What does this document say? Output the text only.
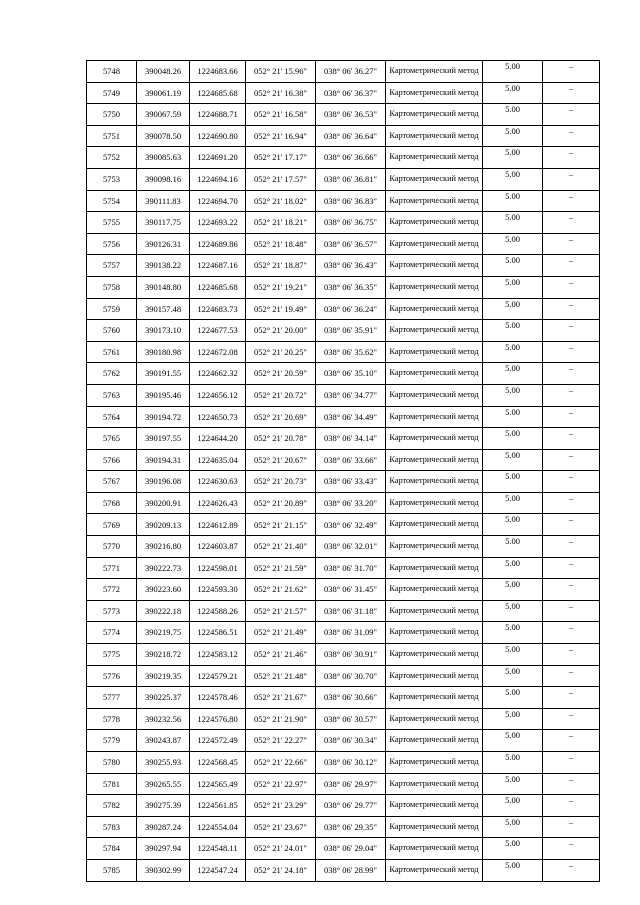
5748	390048.26	1224683.66	052° 21' 15.96"	038° 06' 36.27"	Картометрический метод	5.00	–
5749	390061.19	1224685.68	052° 21' 16.38"	038° 06' 36.37"	Картометрический метод	5.00	–
5750	390067.59	1224688.71	052° 21' 16.58"	038° 06' 36.53"	Картометрический метод	5.00	–
5751	390078.50	1224690.80	052° 21' 16.94"	038° 06' 36.64"	Картометрический метод	5.00	–
5752	390085.63	1224691.20	052° 21' 17.17"	038° 06' 36.66"	Картометрический метод	5.00	–
5753	390098.16	1224694.16	052° 21' 17.57"	038° 06' 36.81"	Картометрический метод	5.00	–
5754	390111.83	1224694.70	052° 21' 18.02"	038° 06' 36.83"	Картометрический метод	5.00	–
5755	390117.75	1224693.22	052° 21' 18.21"	038° 06' 36.75"	Картометрический метод	5.00	–
5756	390126.31	1224689.86	052° 21' 18.48"	038° 06' 36.57"	Картометрический метод	5.00	–
5757	390138.22	1224687.16	052° 21' 18.87"	038° 06' 36.43"	Картометрический метод	5.00	–
5758	390148.80	1224685.68	052° 21' 19.21"	038° 06' 36.35"	Картометрический метод	5.00	–
5759	390157.48	1224683.73	052° 21' 19.49"	038° 06' 36.24"	Картометрический метод	5.00	–
5760	390173.10	1224677.53	052° 21' 20.00"	038° 06' 35.91"	Картометрический метод	5.00	–
5761	390180.98	1224672.08	052° 21' 20.25"	038° 06' 35.62"	Картометрический метод	5.00	–
5762	390191.55	1224662.32	052° 21' 20.59"	038° 06' 35.10"	Картометрический метод	5.00	–
5763	390195.46	1224656.12	052° 21' 20.72"	038° 06' 34.77"	Картометрический метод	5.00	–
5764	390194.72	1224650.73	052° 21' 20.69"	038° 06' 34.49"	Картометрический метод	5.00	–
5765	390197.55	1224644.20	052° 21' 20.78"	038° 06' 34.14"	Картометрический метод	5.00	–
5766	390194.31	1224635.04	052° 21' 20.67"	038° 06' 33.66"	Картометрический метод	5.00	–
5767	390196.08	1224630.63	052° 21' 20.73"	038° 06' 33.43"	Картометрический метод	5.00	–
5768	390200.91	1224626.43	052° 21' 20.89"	038° 06' 33.20"	Картометрический метод	5.00	–
5769	390209.13	1224612.89	052° 21' 21.15"	038° 06' 32.49"	Картометрический метод	5.00	–
5770	390216.80	1224603.87	052° 21' 21.40"	038° 06' 32.01"	Картометрический метод	5.00	–
5771	390222.73	1224598.01	052° 21' 21.59"	038° 06' 31.70"	Картометрический метод	5.00	–
5772	390223.60	1224593.30	052° 21' 21.62"	038° 06' 31.45"	Картометрический метод	5.00	–
5773	390222.18	1224588.26	052° 21' 21.57"	038° 06' 31.18"	Картометрический метод	5.00	–
5774	390219.75	1224586.51	052° 21' 21.49"	038° 06' 31.09"	Картометрический метод	5.00	–
5775	390218.72	1224583.12	052° 21' 21.46"	038° 06' 30.91"	Картометрический метод	5.00	–
5776	390219.35	1224579.21	052° 21' 21.48"	038° 06' 30.70"	Картометрический метод	5.00	–
5777	390225.37	1224578.46	052° 21' 21.67"	038° 06' 30.66"	Картометрический метод	5.00	–
5778	390232.56	1224576.80	052° 21' 21.90"	038° 06' 30.57"	Картометрический метод	5.00	–
5779	390243.87	1224572.49	052° 21' 22.27"	038° 06' 30.34"	Картометрический метод	5.00	–
5780	390255.93	1224568.45	052° 21' 22.66"	038° 06' 30.12"	Картометрический метод	5.00	–
5781	390265.55	1224565.49	052° 21' 22.97"	038° 06' 29.97"	Картометрический метод	5.00	–
5782	390275.39	1224561.85	052° 21' 23.29"	038° 06' 29.77"	Картометрический метод	5.00	–
5783	390287.24	1224554.04	052° 21' 23.67"	038° 06' 29.35"	Картометрический метод	5.00	–
5784	390297.94	1224548.11	052° 21' 24.01"	038° 06' 29.04"	Картометрический метод	5.00	–
5785	390302.99	1224547.24	052° 21' 24.18"	038° 06' 28.99"	Картометрический метод	5.00	–
